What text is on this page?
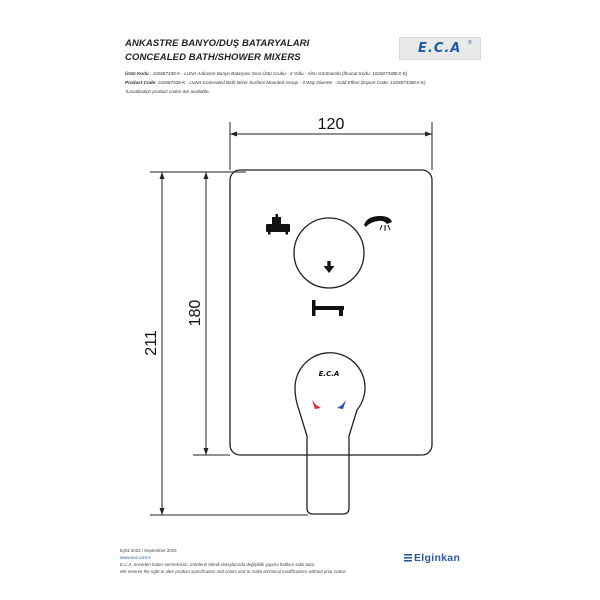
ANKASTRE BANYO/DUŞ BATARYALARI
CONCEALED BATH/SHOWER MIXERS
E.C.A ®
Ürün Kodu : 102687338-K - LUNA Ankastre Banyo Bataryası Sıva Üstü Grubu - 3 Yollu - Altın Görünümlü (İhracat Kodu: 102687338EX-K)
Product Code: 102687338-K - LUNA Concealed Bath Mixer Surface Mounted Group - 3 Way Diverter - Gold Effect (Export Code: 102687338EX-K)
*Localization product codes are available.
120
211
180
E.C.A
Eylül 2023 / September 2023
www.eca.com.tr
E.C.A. önceden haber vermeksizin, ürünlerin teknik detaylarında değişiklik yapma hakkını saklı tutar.
We reserve the right to alter product specification and colors and to make technical modifications without prior notice.
Elginkan
